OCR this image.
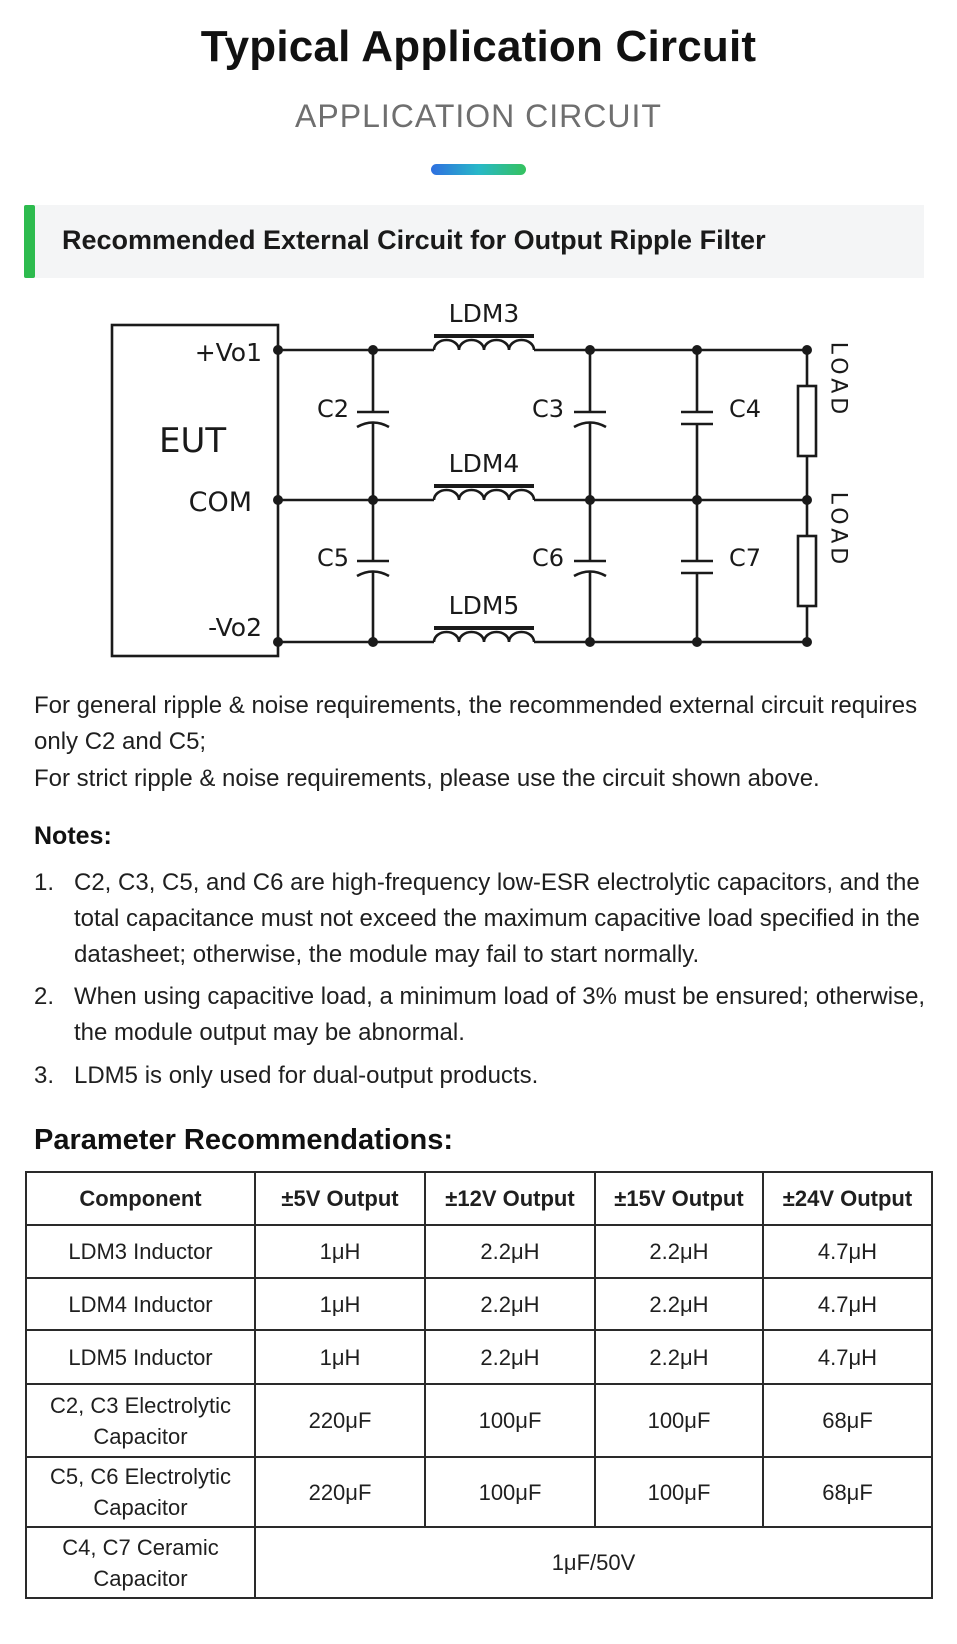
Typical Application Circuit
APPLICATION CIRCUIT
Recommended External Circuit for Output Ripple Filter
+Vo1
EUT
COM
-Vo2
LDM3
LDM4
LDM5
C2	C3	C4
C5	C6	C7
LOAD
LOAD
For general ripple & noise requirements, the recommended external circuit requires only C2 and C5;
For strict ripple & noise requirements, please use the circuit shown above.
Notes:
1. C2, C3, C5, and C6 are high-frequency low-ESR electrolytic capacitors, and the total capacitance must not exceed the maximum capacitive load specified in the datasheet; otherwise, the module may fail to start normally.
2. When using capacitive load, a minimum load of 3% must be ensured; otherwise, the module output may be abnormal.
3. LDM5 is only used for dual-output products.
Parameter Recommendations:
Component	±5V Output	±12V Output	±15V Output	±24V Output
LDM3 Inductor	1μH	2.2μH	2.2μH	4.7μH
LDM4 Inductor	1μH	2.2μH	2.2μH	4.7μH
LDM5 Inductor	1μH	2.2μH	2.2μH	4.7μH
C2, C3 Electrolytic Capacitor	220μF	100μF	100μF	68μF
C5, C6 Electrolytic Capacitor	220μF	100μF	100μF	68μF
C4, C7 Ceramic Capacitor	1μF/50V			
